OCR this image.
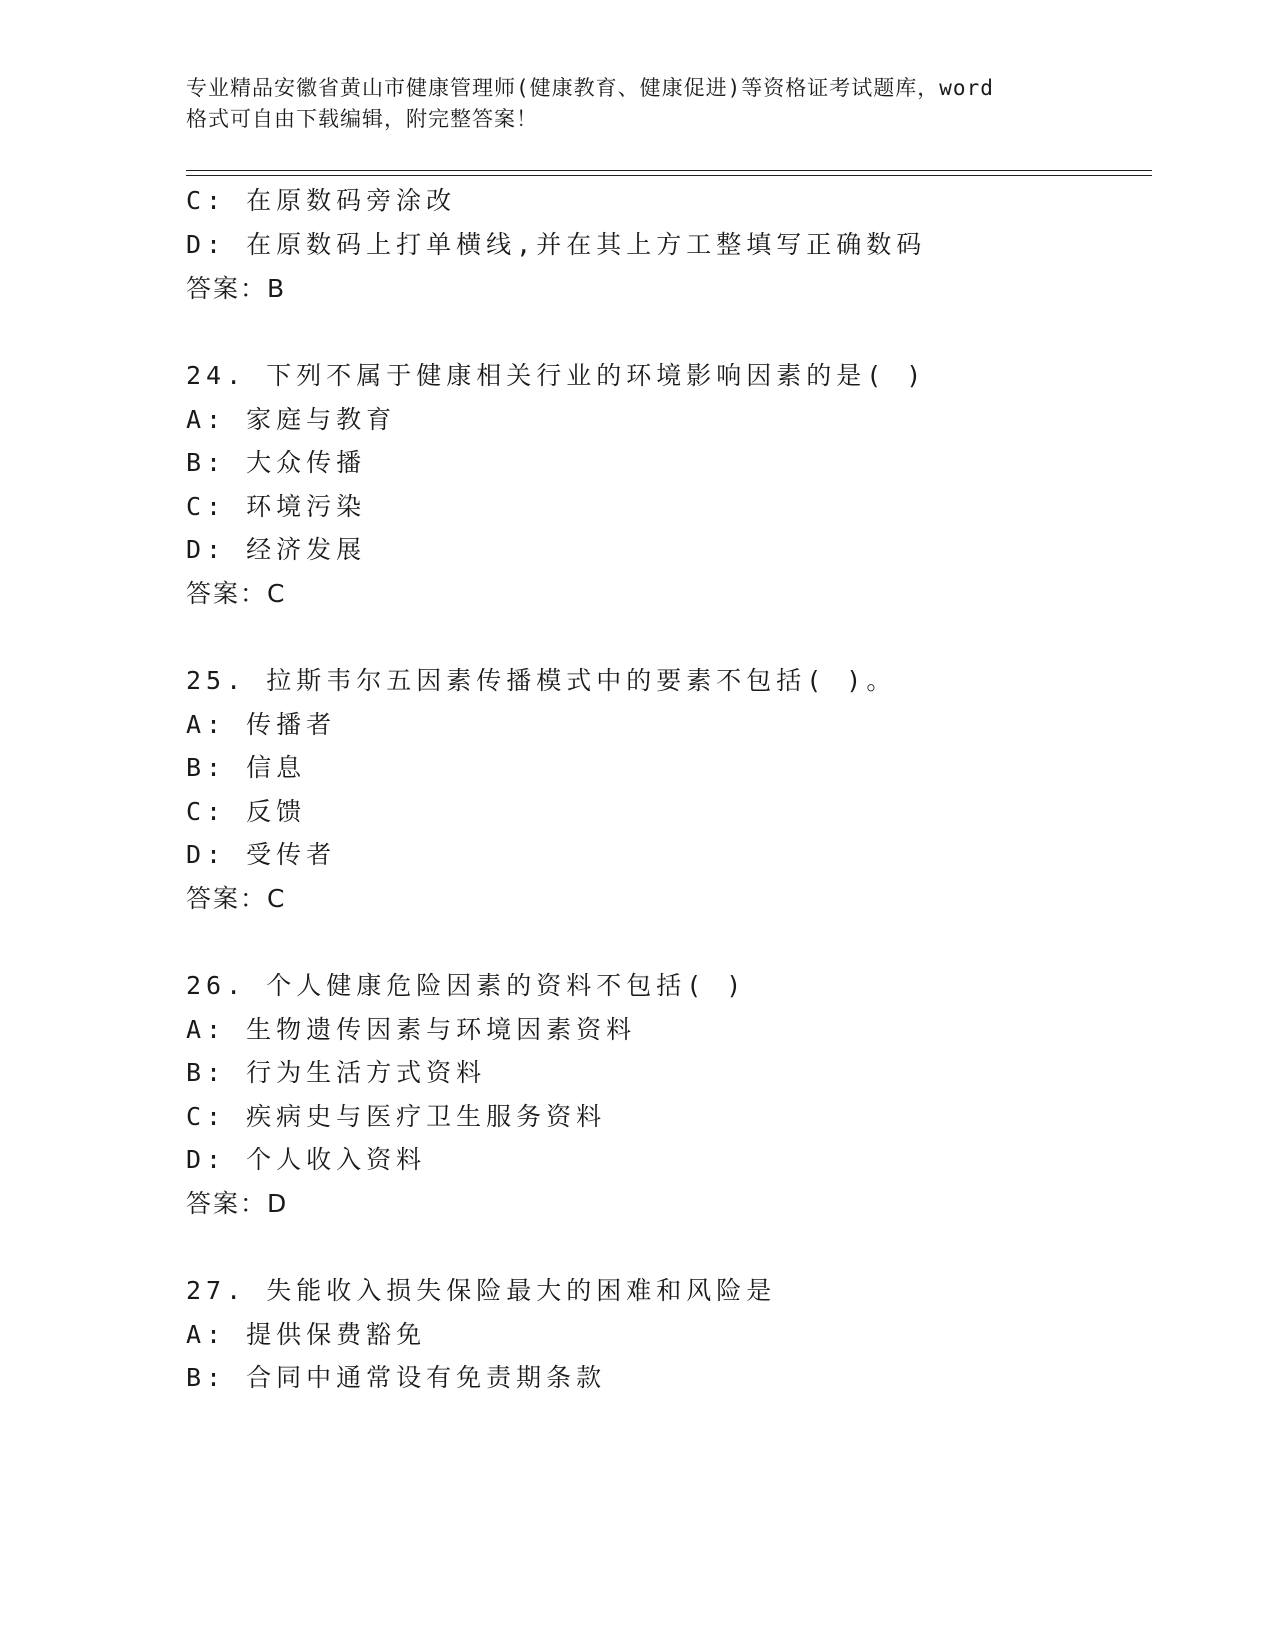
专业精品安徽省黄山市健康管理师(健康教育、健康促进)等资格证考试题库，word
格式可自由下载编辑，附完整答案！
C: 在原数码旁涂改
D: 在原数码上打单横线,并在其上方工整填写正确数码
答案：B
24. 下列不属于健康相关行业的环境影响因素的是( )
A: 家庭与教育
B: 大众传播
C: 环境污染
D: 经济发展
答案：C
25. 拉斯韦尔五因素传播模式中的要素不包括( )。
A: 传播者
B: 信息
C: 反馈
D: 受传者
答案：C
26. 个人健康危险因素的资料不包括( )
A: 生物遗传因素与环境因素资料
B: 行为生活方式资料
C: 疾病史与医疗卫生服务资料
D: 个人收入资料
答案：D
27. 失能收入损失保险最大的困难和风险是
A: 提供保费豁免
B: 合同中通常设有免责期条款
